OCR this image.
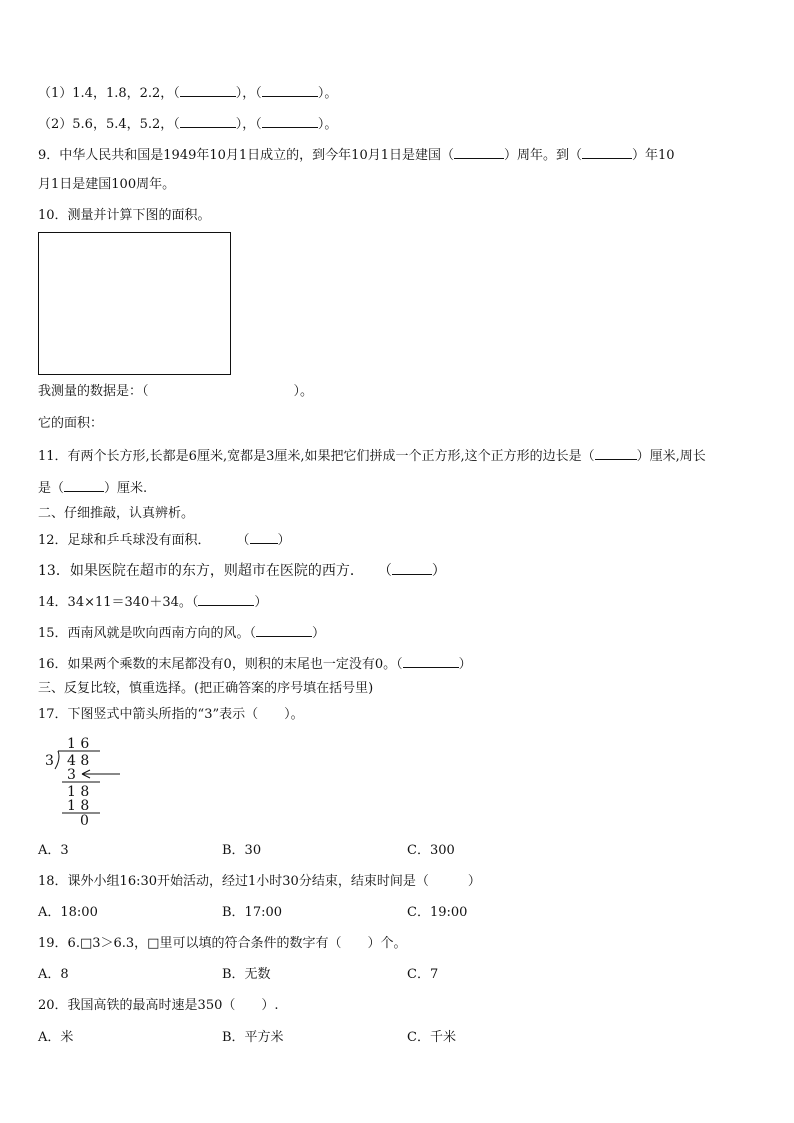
（1）1.4，1.8，2.2，（	），（	）。
（2）5.6，5.4，5.2，（	），（	）。
9．中华人民共和国是1949年10月1日成立的，到今年10月1日是建国（	）周年。到（	）年10
月1日是建国100周年。
10．测量并计算下图的面积。
我测量的数据是：（	）。
它的面积：
11．有两个长方形,长都是6厘米,宽都是3厘米,如果把它们拼成一个正方形,这个正方形的边长是（	）厘米,周长
是（	）厘米.
二、仔细推敲，认真辨析。
12．足球和乒乓球没有面积．　　　（ ）
13．如果医院在超市的东方，则超市在医院的西方．　　（	）
14．34×11＝340＋34。（	）
15．西南风就是吹向西南方向的风。（	）
16．如果两个乘数的末尾都没有0，则积的末尾也一定没有0。（	）
三、反复比较，慎重选择。(把正确答案的序号填在括号里)
17．下图竖式中箭头所指的“3”表示（　　）。
1 6
3 4 8
3
1 8
1 8
0
A．3	B．30	C．300
18．课外小组16:30开始活动，经过1小时30分结束，结束时间是（　　　）
A．18:00	B．17:00	C．19:00
19．6.□3＞6.3，□里可以填的符合条件的数字有（　　）个。
A．8	B．无数	C．7
20．我国高铁的最高时速是350（　　）.
A．米	B．平方米	C．千米
